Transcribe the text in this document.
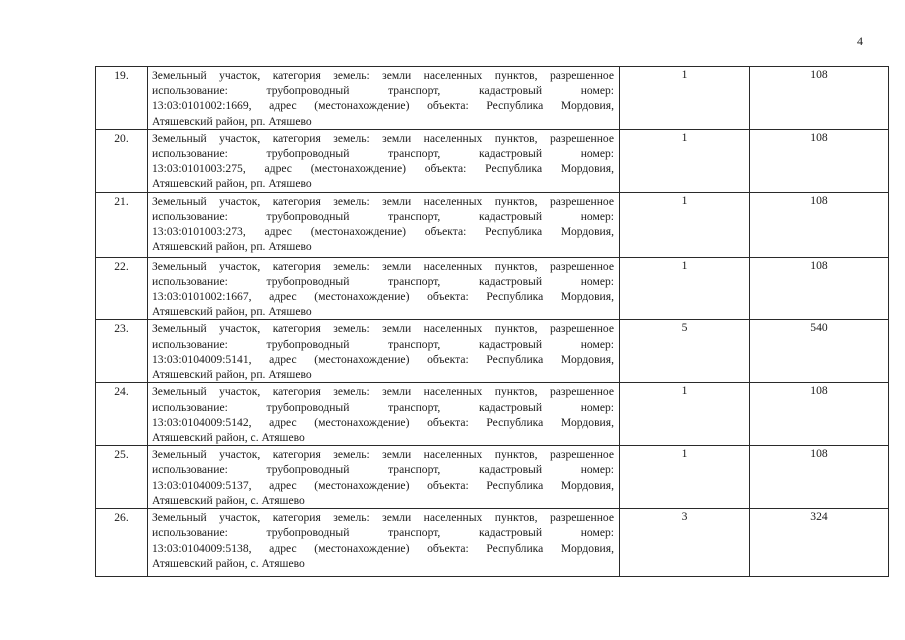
4
19.	Земельный участок, категория земель: земли населенных пунктов, разрешенное
использование: трубопроводный транспорт, кадастровый номер:
13:03:0101002:1669, адрес (местонахождение) объекта: Республика Мордовия,
Атяшевский район, рп. Атяшево	1	108
20.	Земельный участок, категория земель: земли населенных пунктов, разрешенное
использование: трубопроводный транспорт, кадастровый номер:
13:03:0101003:275, адрес (местонахождение) объекта: Республика Мордовия,
Атяшевский район, рп. Атяшево	1	108
21.	Земельный участок, категория земель: земли населенных пунктов, разрешенное
использование: трубопроводный транспорт, кадастровый номер:
13:03:0101003:273, адрес (местонахождение) объекта: Республика Мордовия,
Атяшевский район, рп. Атяшево	1	108
22.	Земельный участок, категория земель: земли населенных пунктов, разрешенное
использование: трубопроводный транспорт, кадастровый номер:
13:03:0101002:1667, адрес (местонахождение) объекта: Республика Мордовия,
Атяшевский район, рп. Атяшево	1	108
23.	Земельный участок, категория земель: земли населенных пунктов, разрешенное
использование: трубопроводный транспорт, кадастровый номер:
13:03:0104009:5141, адрес (местонахождение) объекта: Республика Мордовия,
Атяшевский район, рп. Атяшево	5	540
24.	Земельный участок, категория земель: земли населенных пунктов, разрешенное
использование: трубопроводный транспорт, кадастровый номер:
13:03:0104009:5142, адрес (местонахождение) объекта: Республика Мордовия,
Атяшевский район, с. Атяшево	1	108
25.	Земельный участок, категория земель: земли населенных пунктов, разрешенное
использование: трубопроводный транспорт, кадастровый номер:
13:03:0104009:5137, адрес (местонахождение) объекта: Республика Мордовия,
Атяшевский район, с. Атяшево	1	108
26.	Земельный участок, категория земель: земли населенных пунктов, разрешенное
использование: трубопроводный транспорт, кадастровый номер:
13:03:0104009:5138, адрес (местонахождение) объекта: Республика Мордовия,
Атяшевский район, с. Атяшево	3	324
